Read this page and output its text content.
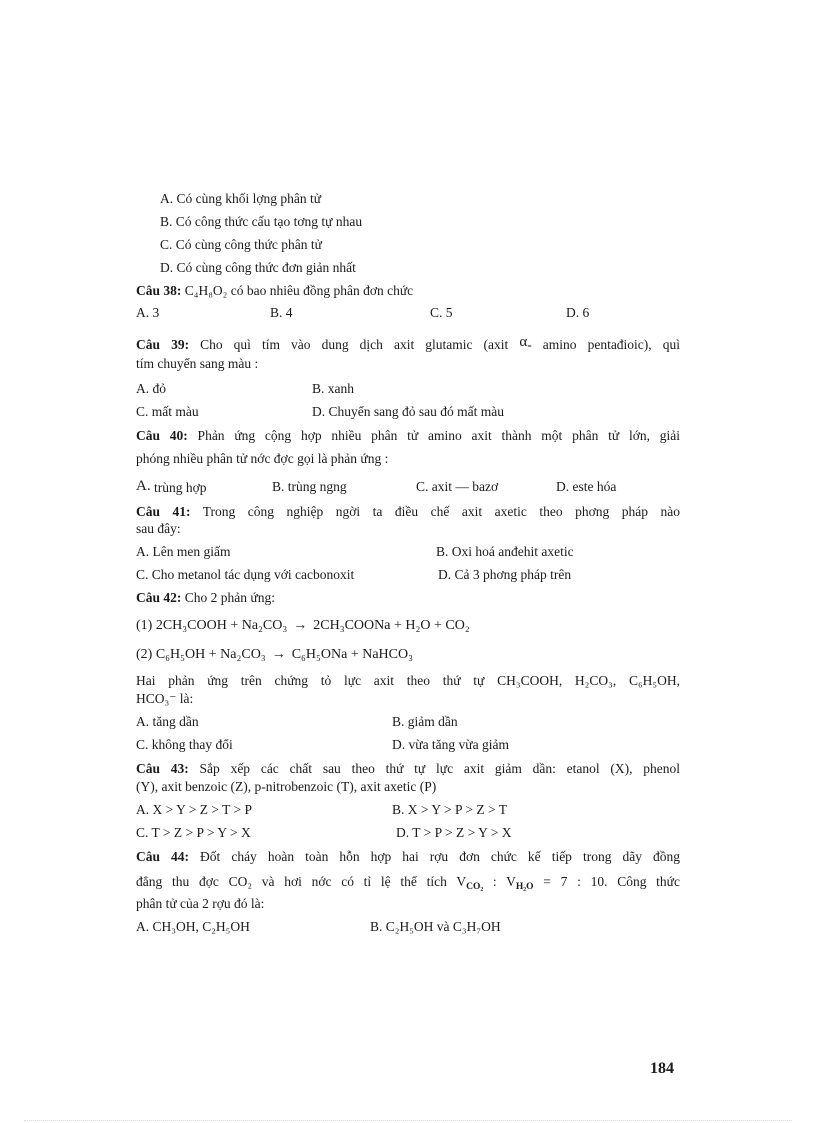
A. Có cùng khối lợng phân tử
B. Có công thức cấu tạo tơng tự nhau
C. Có cùng công thức phân tử
D. Có cùng công thức đơn giản nhất
Câu 38: C₄H₈O₂ có bao nhiêu đồng phân đơn chức
A. 3	B. 4	C. 5	D. 6
Câu 39: Cho quì tím vào dung dịch axit glutamic (axit α- amino pentađioic), quì
tím chuyển sang màu :
A. đỏ	B. xanh
C. mất màu	D. Chuyển sang đỏ sau đó mất màu
Câu 40: Phản ứng cộng hợp nhiều phân tử amino axit thành một phân tử lớn, giải
phóng nhiều phân tử nớc đợc gọi là phản ứng :
A. trùng hợp	B. trùng ngng	C. axit — bazơ	D. este hóa
Câu 41: Trong công nghiệp ngời ta điều chế axit axetic theo phơng pháp nào
sau đây:
A. Lên men giấm	B. Oxi hoá anđehit axetic
C. Cho metanol tác dụng với cacbonoxit	D. Cả 3 phơng pháp trên
Câu 42: Cho 2 phản ứng:
(1) 2CH₃COOH + Na₂CO₃ → 2CH₃COONa + H₂O + CO₂
(2) C₆H₅OH + Na₂CO₃ → C₆H₅ONa + NaHCO₃
Hai phản ứng trên chứng tỏ lực axit theo thứ tự CH₃COOH, H₂CO₃, C₆H₅OH,
HCO₃⁻ là:
A. tăng dần	B. giảm dần
C. không thay đổi	D. vừa tăng vừa giảm
Câu 43: Sắp xếp các chất sau theo thứ tự lực axit giảm dần: etanol (X), phenol
(Y), axit benzoic (Z), p-nitrobenzoic (T), axit axetic (P)
A. X > Y > Z > T > P	B. X > Y > P > Z > T
C. T > Z > P > Y > X	D. T > P > Z > Y > X
Câu 44: Đốt cháy hoàn toàn hỗn hợp hai rợu đơn chức kế tiếp trong dãy đồng
đẳng thu đợc CO₂ và hơi nớc có tỉ lệ thể tích $V_{CO_2}$ : $V_{H_2O} = 7$ : 10. Công thức
phân tử của 2 rợu đó là:
A. CH₃OH, C₂H₅OH	B. C₂H₅OH và C₃H₇OH
184
